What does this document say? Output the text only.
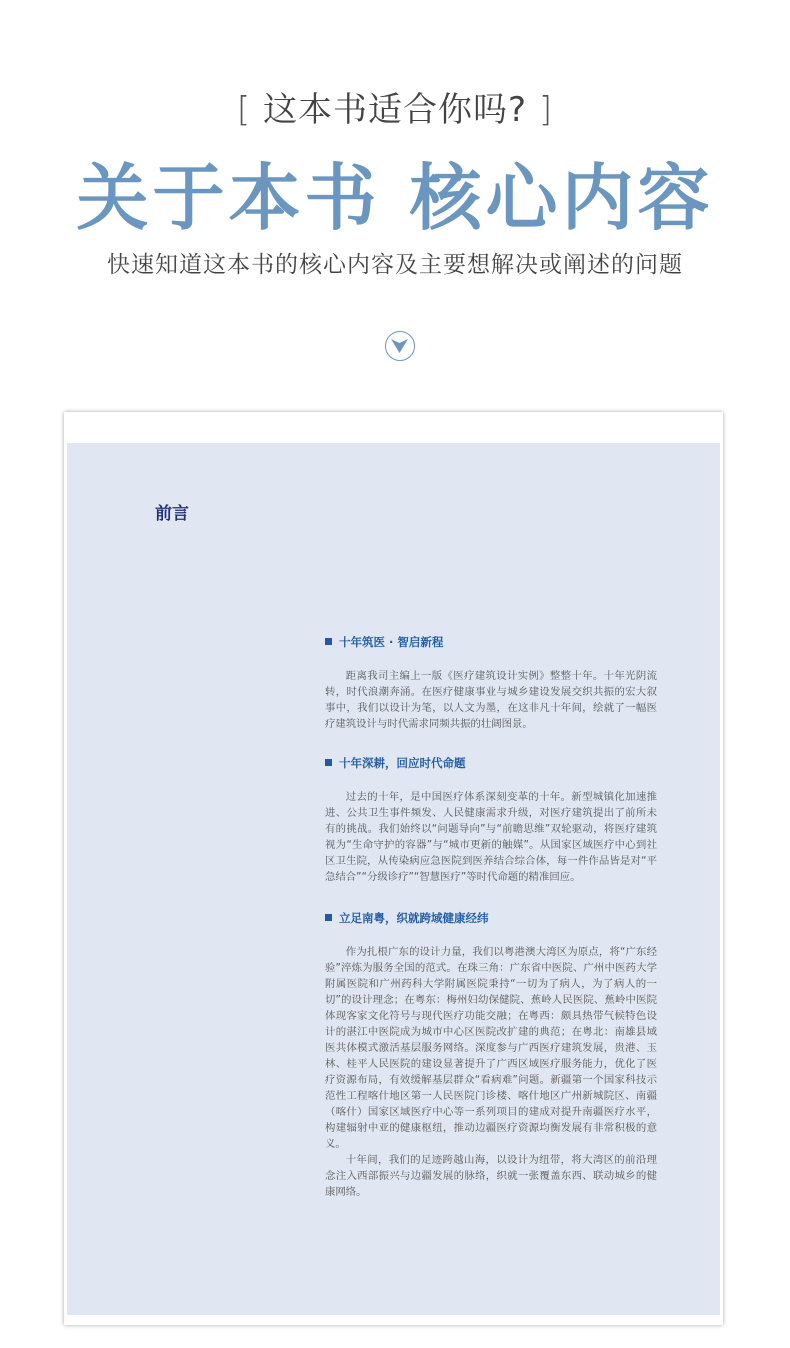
[ 这本书适合你吗? ]
关于本书 核心内容
快速知道这本书的核心内容及主要想解决或阐述的问题
前言
十年筑医 · 智启新程

距离我司主编上一版《医疗建筑设计实例》整整十年。十年光阴流转，时代浪潮奔涌。在医疗健康事业与城乡建设发展交织共振的宏大叙事中，我们以设计为笔，以人文为墨，在这非凡十年间，绘就了一幅医疗建筑设计与时代需求同频共振的壮阔图景。

十年深耕，回应时代命题

过去的十年，是中国医疗体系深刻变革的十年。新型城镇化加速推进、公共卫生事件频发、人民健康需求升级，对医疗建筑提出了前所未有的挑战。我们始终以“问题导向”与“前瞻思维”双轮驱动，将医疗建筑视为“生命守护的容器”与“城市更新的触媒”。从国家区域医疗中心到社区卫生院，从传染病应急医院到医养结合综合体，每一件作品皆是对“平急结合”“分级诊疗”“智慧医疗”等时代命题的精准回应。

立足南粤，织就跨域健康经纬

作为扎根广东的设计力量，我们以粤港澳大湾区为原点，将“广东经验”淬炼为服务全国的范式。在珠三角：广东省中医院、广州中医药大学附属医院和广州药科大学附属医院秉持“一切为了病人，为了病人的一切”的设计理念；在粤东：梅州妇幼保健院、蕉岭人民医院、蕉岭中医院体现客家文化符号与现代医疗功能交融；在粤西：颇具热带气候特色设计的湛江中医院成为城市中心区医院改扩建的典范；在粤北：南雄县域医共体模式激活基层服务网络。深度参与广西医疗建筑发展，贵港、玉林、桂平人民医院的建设显著提升了广西区域医疗服务能力，优化了医疗资源布局，有效缓解基层群众“看病难”问题。新疆第一个国家科技示范性工程喀什地区第一人民医院门诊楼、喀什地区广州新城院区、南疆（喀什）国家区域医疗中心等一系列项目的建成对提升南疆医疗水平，构建辐射中亚的健康枢纽，推动边疆医疗资源均衡发展有非常积极的意义。

十年间，我们的足迹跨越山海，以设计为纽带，将大湾区的前沿理念注入西部振兴与边疆发展的脉络，织就一张覆盖东西、联动城乡的健康网络。
